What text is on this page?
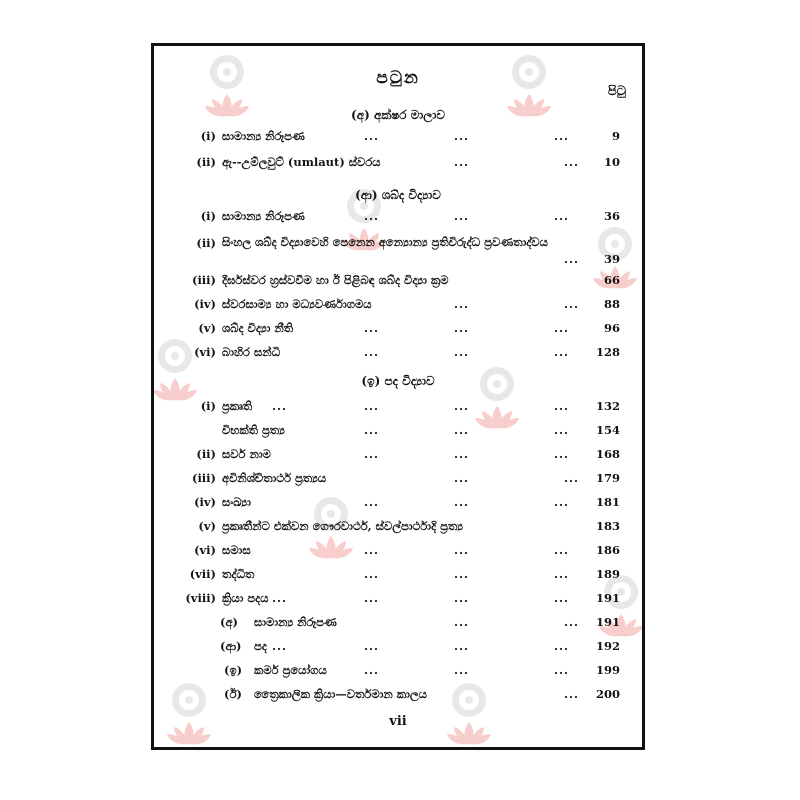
පටුන
පිටු
(අ) අක්ෂර මාලාව
(i) සාමාන්‍ය නිරූපණ	...	...	...	9
(ii) ඇ--උම්ලවුට් (umlaut) ස්වරය	...	... 10
(ආ) ශබ්ද විද්‍යාව
(i) සාමාන්‍ය නිරූපණ	...	...	...	36
(ii) සිංහල ශබ්ද විද්‍යාවෙහි පෙනෙන අන්‍යොන්‍ය ප්‍රතිවිරුද්ධ ප්‍රවණතාද්වය
... 39
(iii) දීර්ඝස්වර හ්‍රස්වවීම හා ඊ පිළිබඳ ශබ්ද විද්‍යා ක්‍රම	66
(iv) ස්වරසාම්‍ය හා මධ්‍යවර්ණාගමය	...	... 88
(v) ශබ්ද විද්‍යා නීති	...	...	...	96
(vi) බාහිර සන්ධි	...	...	... 128
(ඉ) පද විද්‍යාව
(i) ප්‍රකෘති ...	...	...	... 132
විභක්ති ප්‍රත්‍ය	...	...	... 154
(ii) සර්ව නාම	...	...	... 168
(iii) අවිනිශ්චිතාර්ථ ප්‍රත්‍යය	...	... 179
(iv) සංඛ්‍යා	...	...	... 181
(v) ප්‍රකෘතීන්ට එක්වන ගෞරවාර්ථ, ස්වල්පාර්ථාදි ප්‍රත්‍ය	183
(vi) සමාස	...	...	... 186
(vii) තද්ධිත	...	...	... 189
(viii) ක්‍රියා පදය ...	...	...	... 191
(අ) සාමාන්‍ය නිරූපණ	...	... 191
(ආ) පද ...	...	...	... 192
(ඉ) කර්ම ප්‍රයෝගය	...	...	... 199
(ඊ) ත්‍රෛකාලික ක්‍රියා—වර්තමාන කාලය	... 200
vii
